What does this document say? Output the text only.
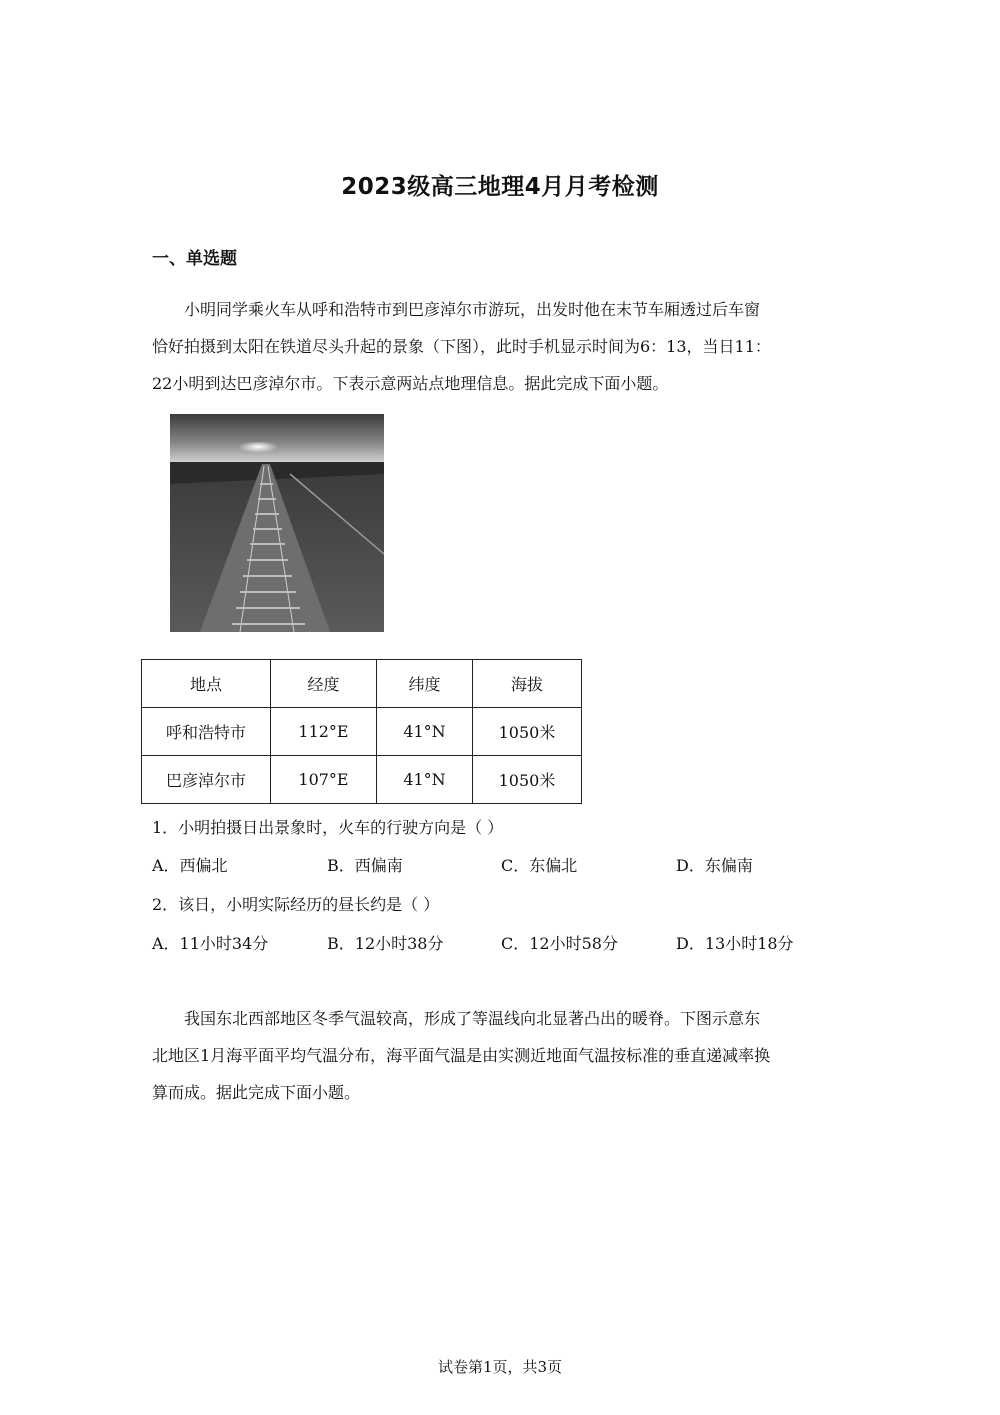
2023级高三地理4月月考检测
一、单选题
小明同学乘火车从呼和浩特市到巴彦淖尔市游玩，出发时他在末节车厢透过后车窗
恰好拍摄到太阳在铁道尽头升起的景象（下图），此时手机显示时间为6：13，当日11：
22小明到达巴彦淖尔市。下表示意两站点地理信息。据此完成下面小题。
地点	经度	纬度	海拔
呼和浩特市	112°E	41°N	1050米
巴彦淖尔市	107°E	41°N	1050米
1．小明拍摄日出景象时，火车的行驶方向是（ ）
A．西偏北	B．西偏南	C．东偏北	D．东偏南
2．该日，小明实际经历的昼长约是（ ）
A．11小时34分	B．12小时38分	C．12小时58分	D．13小时18分
我国东北西部地区冬季气温较高，形成了等温线向北显著凸出的暖脊。下图示意东
北地区1月海平面平均气温分布，海平面气温是由实测近地面气温按标准的垂直递减率换
算而成。据此完成下面小题。
试卷第1页，共3页
